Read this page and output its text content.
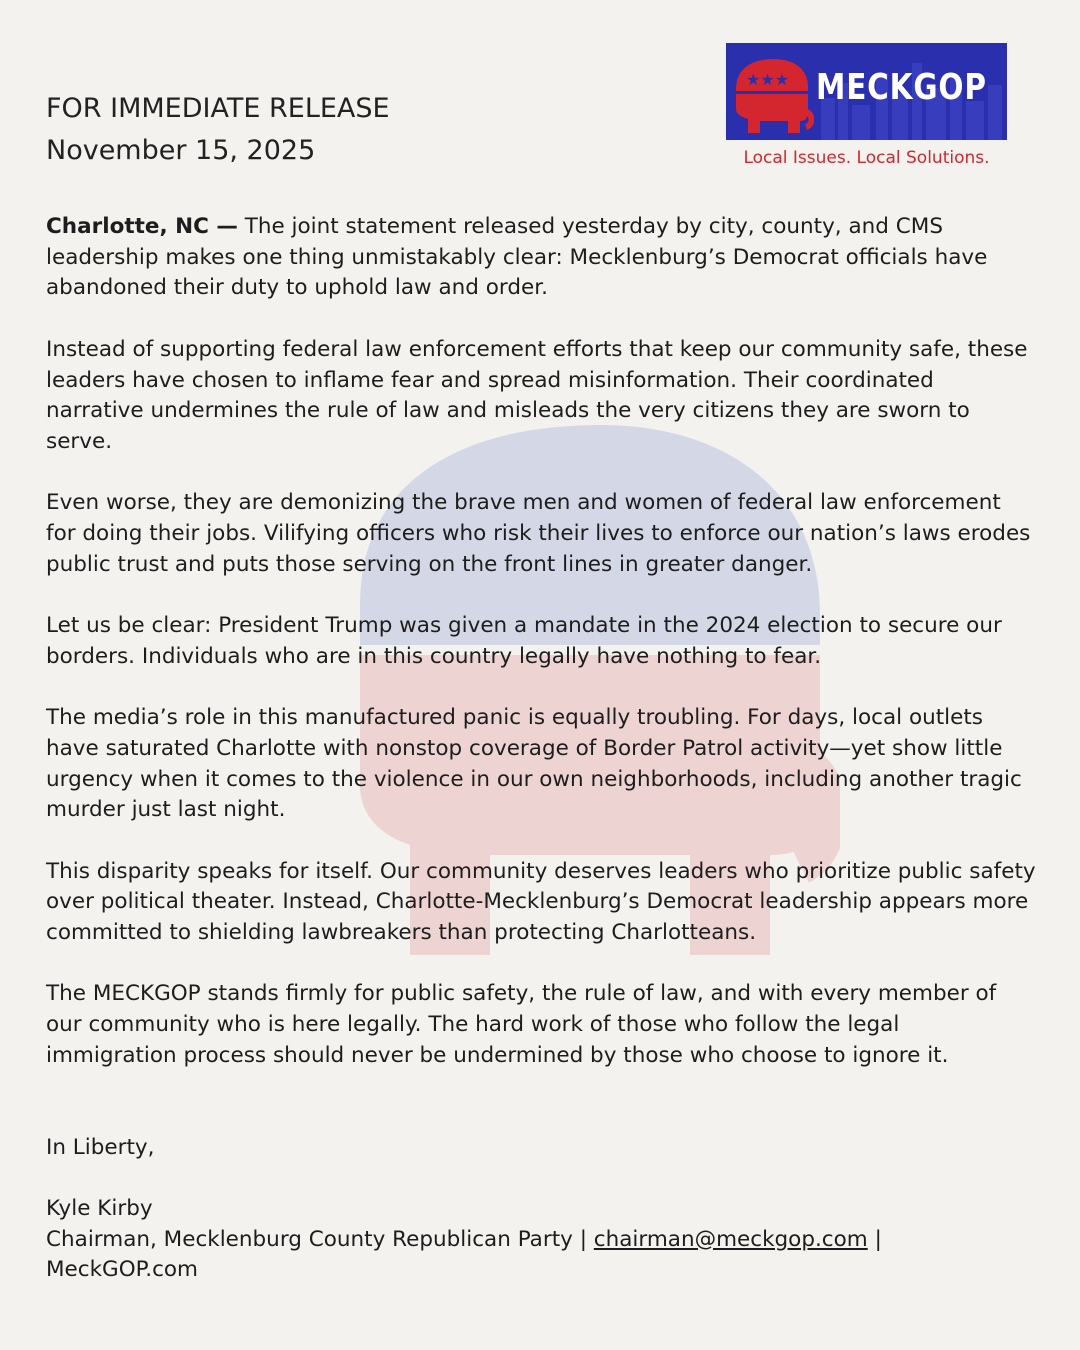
FOR IMMEDIATE RELEASE
November 15, 2025
★★★ MECKGOP
Local Issues. Local Solutions.

Charlotte, NC — The joint statement released yesterday by city, county, and CMS leadership makes one thing unmistakably clear: Mecklenburg’s Democrat officials have abandoned their duty to uphold law and order.

Instead of supporting federal law enforcement efforts that keep our community safe, these leaders have chosen to inflame fear and spread misinformation. Their coordinated narrative undermines the rule of law and misleads the very citizens they are sworn to serve.

Even worse, they are demonizing the brave men and women of federal law enforcement for doing their jobs. Vilifying officers who risk their lives to enforce our nation’s laws erodes public trust and puts those serving on the front lines in greater danger.

Let us be clear: President Trump was given a mandate in the 2024 election to secure our borders. Individuals who are in this country legally have nothing to fear.

The media’s role in this manufactured panic is equally troubling. For days, local outlets have saturated Charlotte with nonstop coverage of Border Patrol activity—yet show little urgency when it comes to the violence in our own neighborhoods, including another tragic murder just last night.

This disparity speaks for itself. Our community deserves leaders who prioritize public safety over political theater. Instead, Charlotte-Mecklenburg’s Democrat leadership appears more committed to shielding lawbreakers than protecting Charlotteans.

The MECKGOP stands firmly for public safety, the rule of law, and with every member of our community who is here legally. The hard work of those who follow the legal immigration process should never be undermined by those who choose to ignore it.

In Liberty,
Kyle Kirby
Chairman, Mecklenburg County Republican Party | chairman@meckgop.com |
MeckGOP.com
